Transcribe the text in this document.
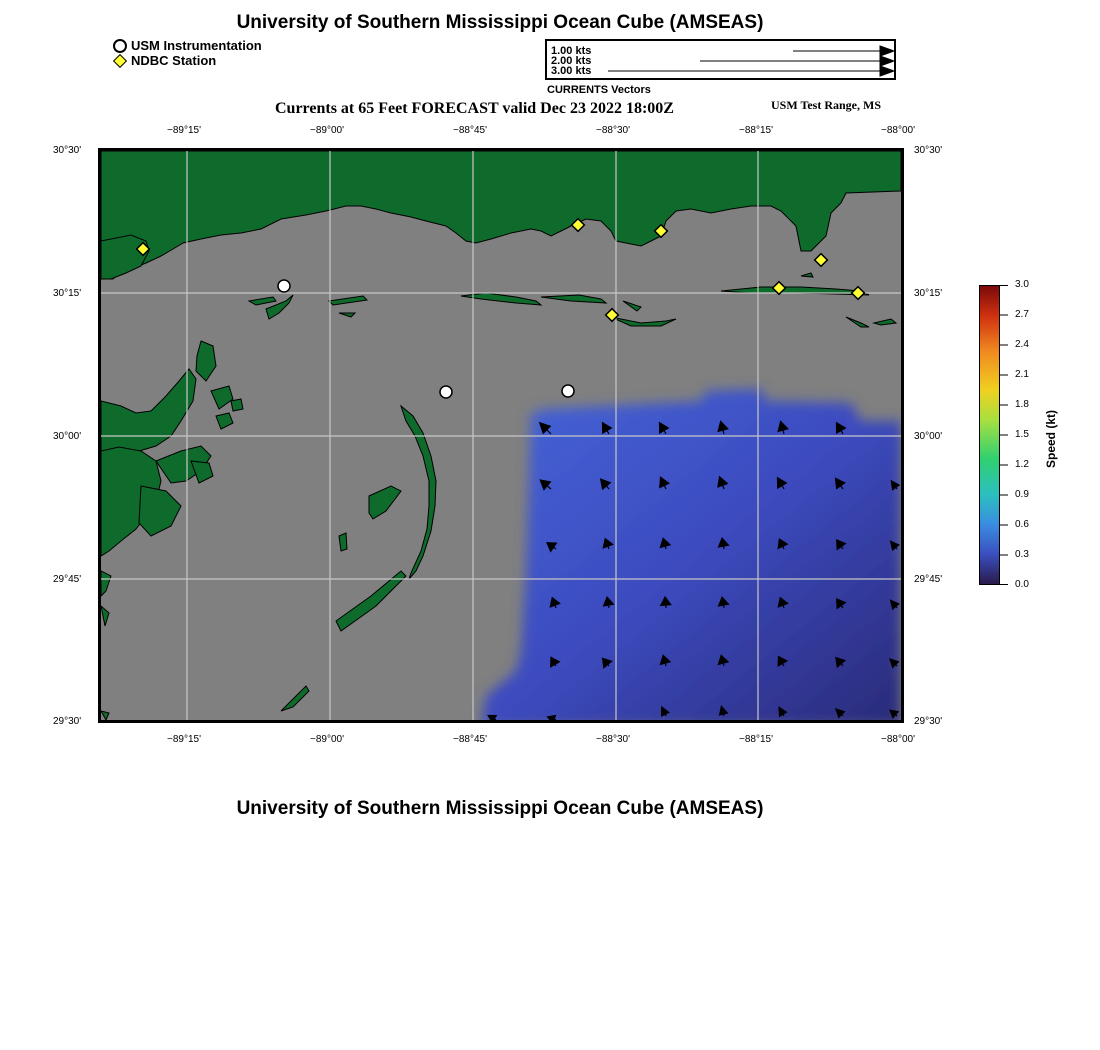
University of Southern Mississippi Ocean Cube (AMSEAS)
USM Instrumentation
NDBC Station
1.00 kts
2.00 kts
3.00 kts
CURRENTS Vectors
Currents at 65 Feet FORECAST valid Dec 23 2022 18:00Z	USM Test Range, MS
−89°15'	−89°00'	−88°45'	−88°30'	−88°15'	−88°00'
−89°15'	−89°00'	−88°45'	−88°30'	−88°15'	−88°00'
30°30'
30°15'
30°00'
29°45'
29°30'
30°30'
30°15'
30°00'
29°45'
29°30'
3.0
2.7
2.4
2.1
1.8
1.5
1.2
0.9
0.6
0.3
0.0
Speed (kt)
University of Southern Mississippi Ocean Cube (AMSEAS)
